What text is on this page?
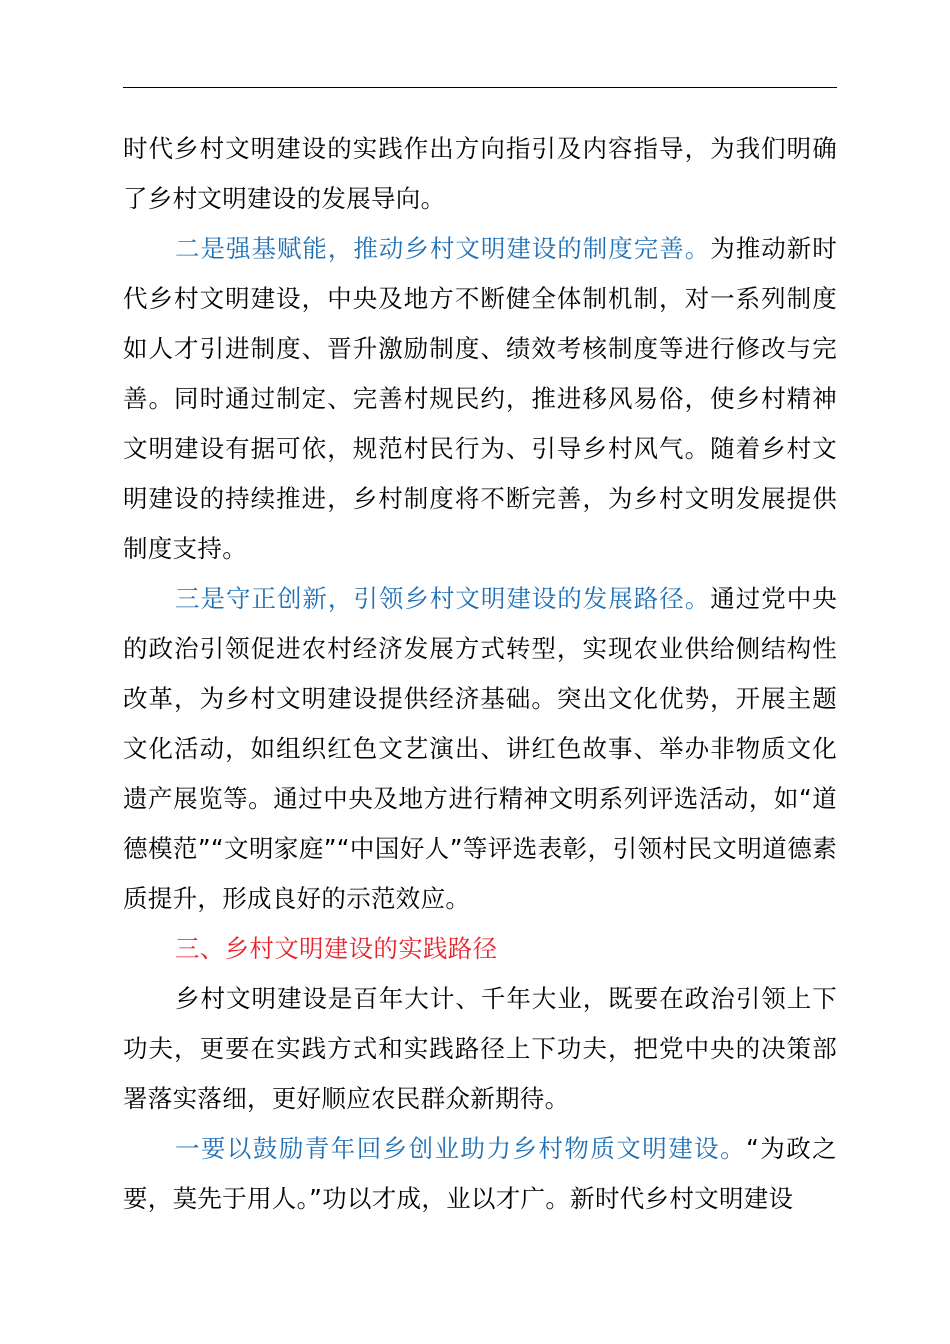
时代乡村文明建设的实践作出方向指引及内容指导，为我们明确了乡村文明建设的发展导向。

二是强基赋能，推动乡村文明建设的制度完善。为推动新时代乡村文明建设，中央及地方不断健全体制机制，对一系列制度如人才引进制度、晋升激励制度、绩效考核制度等进行修改与完善。同时通过制定、完善村规民约，推进移风易俗，使乡村精神文明建设有据可依，规范村民行为、引导乡村风气。随着乡村文明建设的持续推进，乡村制度将不断完善，为乡村文明发展提供制度支持。

三是守正创新，引领乡村文明建设的发展路径。通过党中央的政治引领促进农村经济发展方式转型，实现农业供给侧结构性改革，为乡村文明建设提供经济基础。突出文化优势，开展主题文化活动，如组织红色文艺演出、讲红色故事、举办非物质文化遗产展览等。通过中央及地方进行精神文明系列评选活动，如“道德模范”“文明家庭”“中国好人”等评选表彰，引领村民文明道德素质提升，形成良好的示范效应。

三、乡村文明建设的实践路径

乡村文明建设是百年大计、千年大业，既要在政治引领上下功夫，更要在实践方式和实践路径上下功夫，把党中央的决策部署落实落细，更好顺应农民群众新期待。

一要以鼓励青年回乡创业助力乡村物质文明建设。“为政之要，莫先于用人。”功以才成，业以才广。新时代乡村文明建设
